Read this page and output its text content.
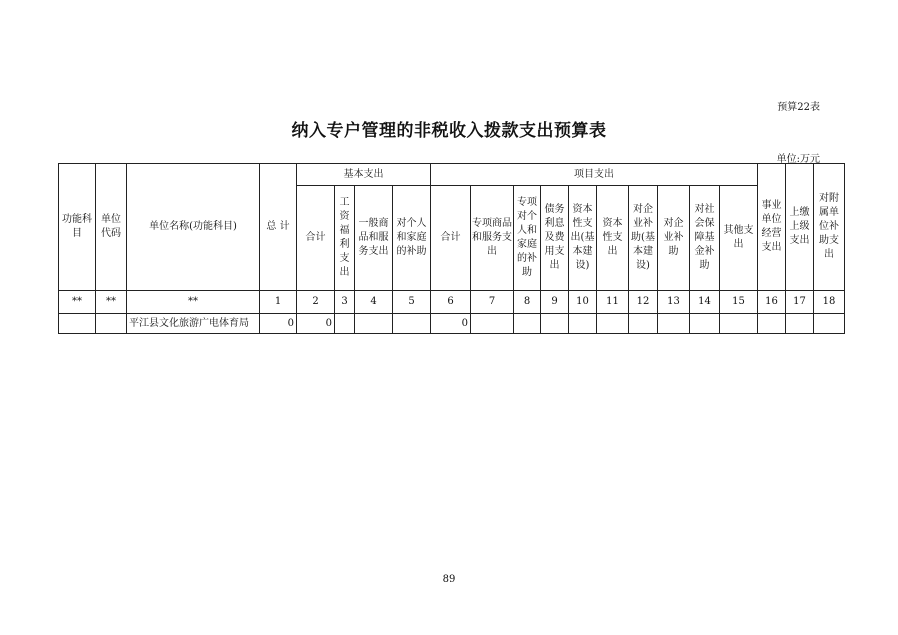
预算22表
纳入专户管理的非税收入拨款支出预算表
单位:万元
功能科目	单位代码	单位名称(功能科目)	总 计	基本支出				项目支出										事业单位经营支出	上缴上级支出	对附属单位补助支出
				合计	工资福利支出	一般商品和服务支出	对个人和家庭的补助	合计	专项商品和服务支出	专项对个人和家庭的补助	债务利息及费用支出	资本性支出(基本建设)	资本性支出	对企业补助(基本建设)	对企业补助	对社会保障基金补助	其他支出			
**	**	**	1	2	3	4	5	6	7	8	9	10	11	12	13	14	15	16	17	18
		平江县文化旅游广电体育局	0	0				0												
89
